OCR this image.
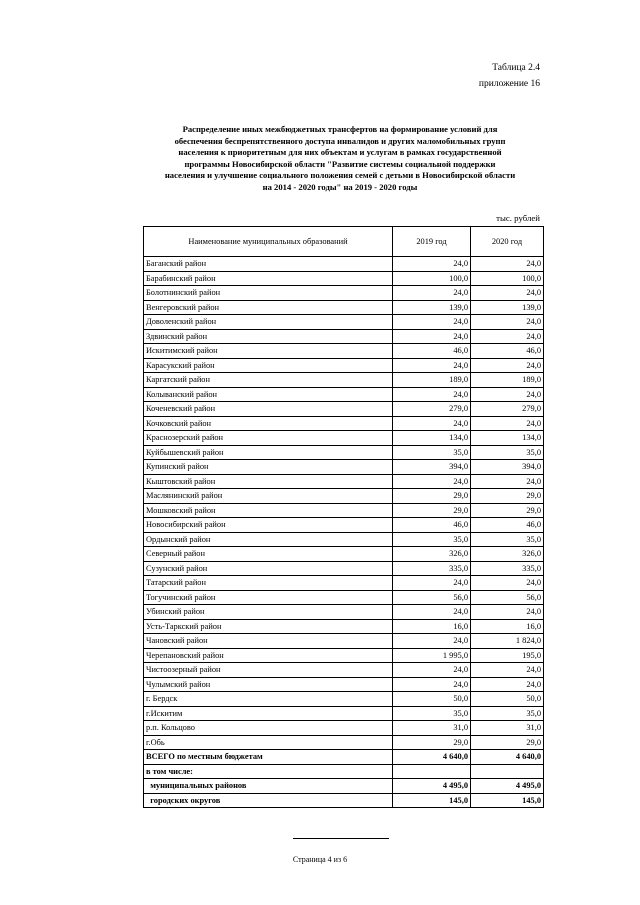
Таблица 2.4
приложение 16
Распределение иных межбюджетных трансфертов на формирование условий для
обеспечения беспрепятственного доступа инвалидов и других маломобильных групп
населения к приоритетным для них объектам и услугам в рамках государственной
программы Новосибирской области "Развитие системы социальной поддержки
населения и улучшение социального положения семей с детьми в Новосибирской области
на 2014 - 2020 годы" на 2019 - 2020 годы
тыс. рублей
Наименование муниципальных образований	2019 год	2020 год
Баганский район	24,0	24,0
Барабинский район	100,0	100,0
Болотнинский район	24,0	24,0
Венгеровский район	139,0	139,0
Доволенский район	24,0	24,0
Здвинский район	24,0	24,0
Искитимский район	46,0	46,0
Карасукский район	24,0	24,0
Каргатский район	189,0	189,0
Колыванский район	24,0	24,0
Коченевский район	279,0	279,0
Кочковский район	24,0	24,0
Краснозерский район	134,0	134,0
Куйбышевский район	35,0	35,0
Купинский район	394,0	394,0
Кыштовский район	24,0	24,0
Маслянинский район	29,0	29,0
Мошковский район	29,0	29,0
Новосибирский район	46,0	46,0
Ордынский район	35,0	35,0
Северный район	326,0	326,0
Сузунский район	335,0	335,0
Татарский район	24,0	24,0
Тогучинский район	56,0	56,0
Убинский район	24,0	24,0
Усть-Таркский район	16,0	16,0
Чановский район	24,0	1 824,0
Черепановский район	1 995,0	195,0
Чистоозерный район	24,0	24,0
Чулымский район	24,0	24,0
г. Бердск	50,0	50,0
г.Искитим	35,0	35,0
р.п. Кольцово	31,0	31,0
г.Обь	29,0	29,0
ВСЕГО по местным бюджетам	4 640,0	4 640,0
в том числе:		
муниципальных районов	4 495,0	4 495,0
городских округов	145,0	145,0
Страница 4 из 6
